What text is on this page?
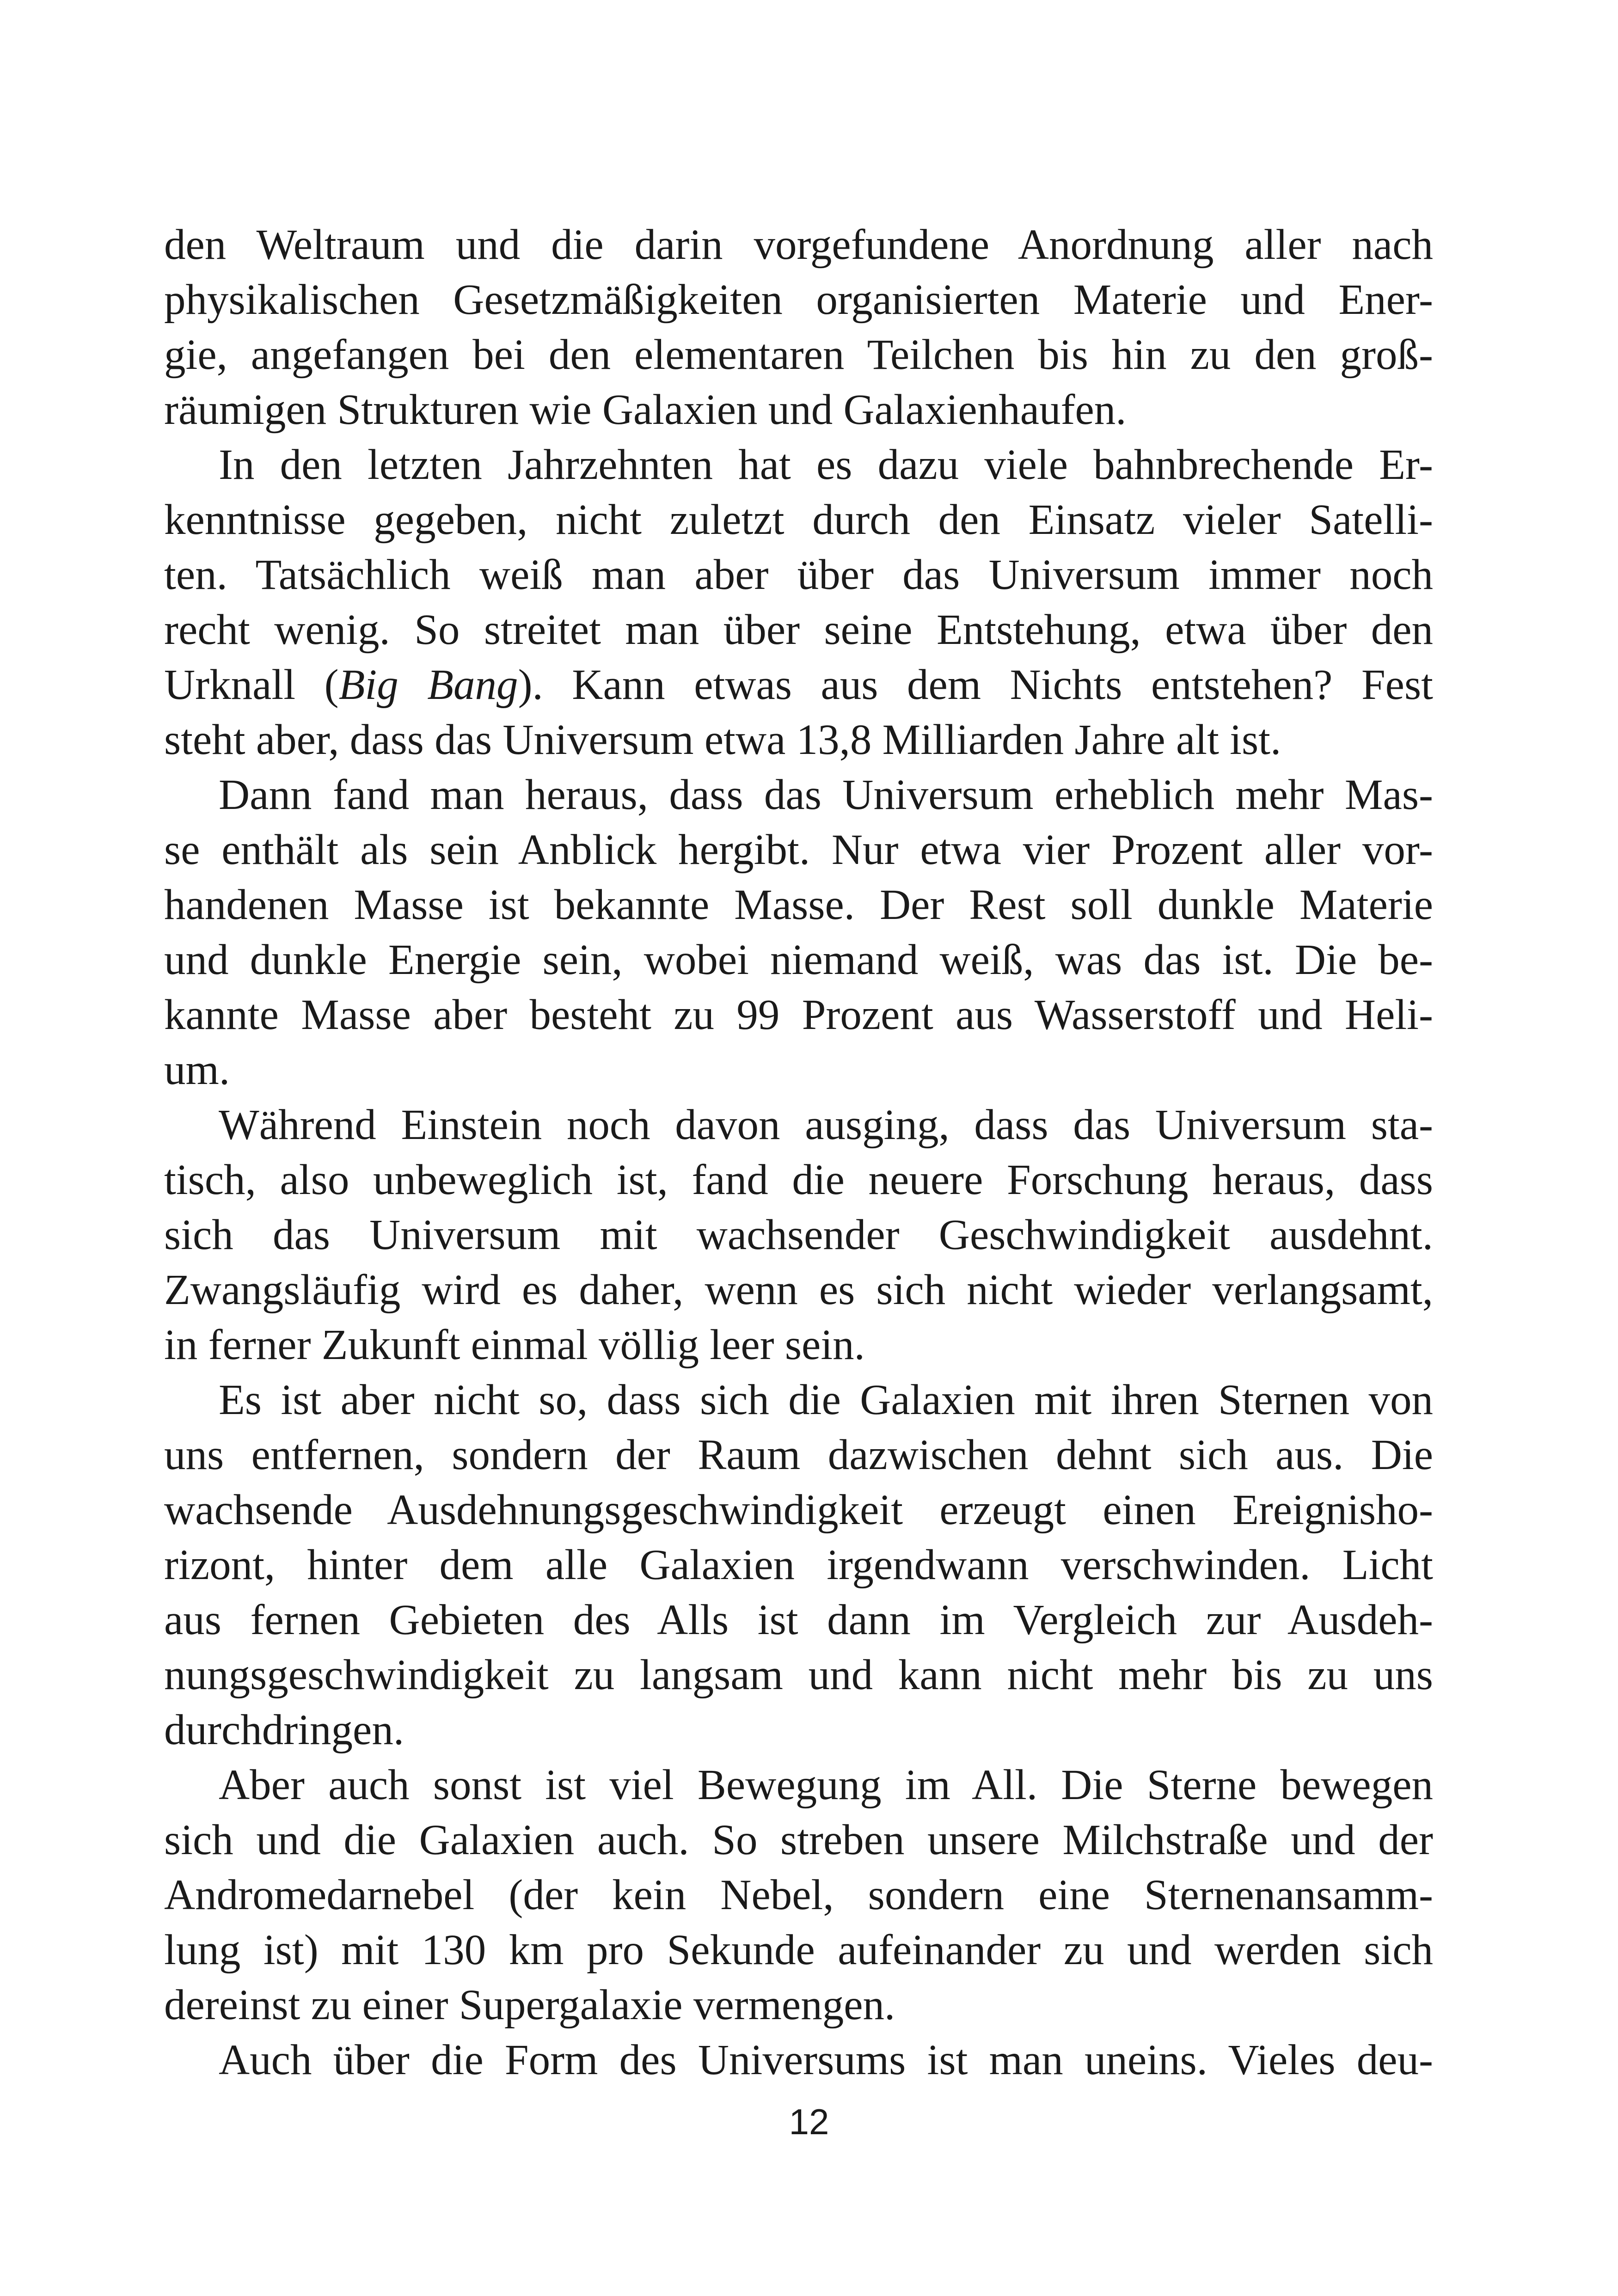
den Weltraum und die darin vorgefundene Anordnung aller nach
physikalischen Gesetzmäßigkeiten organisierten Materie und Ener-
gie, angefangen bei den elementaren Teilchen bis hin zu den groß-
räumigen Strukturen wie Galaxien und Galaxienhaufen.
In den letzten Jahrzehnten hat es dazu viele bahnbrechende Er-
kenntnisse gegeben, nicht zuletzt durch den Einsatz vieler Satelli-
ten. Tatsächlich weiß man aber über das Universum immer noch
recht wenig. So streitet man über seine Entstehung, etwa über den
Urknall (Big Bang). Kann etwas aus dem Nichts entstehen? Fest
steht aber, dass das Universum etwa 13,8 Milliarden Jahre alt ist.
Dann fand man heraus, dass das Universum erheblich mehr Mas-
se enthält als sein Anblick hergibt. Nur etwa vier Prozent aller vor-
handenen Masse ist bekannte Masse. Der Rest soll dunkle Materie
und dunkle Energie sein, wobei niemand weiß, was das ist. Die be-
kannte Masse aber besteht zu 99 Prozent aus Wasserstoff und Heli-
um.
Während Einstein noch davon ausging, dass das Universum sta-
tisch, also unbeweglich ist, fand die neuere Forschung heraus, dass
sich das Universum mit wachsender Geschwindigkeit ausdehnt.
Zwangsläufig wird es daher, wenn es sich nicht wieder verlangsamt,
in ferner Zukunft einmal völlig leer sein.
Es ist aber nicht so, dass sich die Galaxien mit ihren Sternen von
uns entfernen, sondern der Raum dazwischen dehnt sich aus. Die
wachsende Ausdehnungsgeschwindigkeit erzeugt einen Ereignisho-
rizont, hinter dem alle Galaxien irgendwann verschwinden. Licht
aus fernen Gebieten des Alls ist dann im Vergleich zur Ausdeh-
nungsgeschwindigkeit zu langsam und kann nicht mehr bis zu uns
durchdringen.
Aber auch sonst ist viel Bewegung im All. Die Sterne bewegen
sich und die Galaxien auch. So streben unsere Milchstraße und der
Andromedarnebel (der kein Nebel, sondern eine Sternenansamm-
lung ist) mit 130 km pro Sekunde aufeinander zu und werden sich
dereinst zu einer Supergalaxie vermengen.
Auch über die Form des Universums ist man uneins. Vieles deu-
12
